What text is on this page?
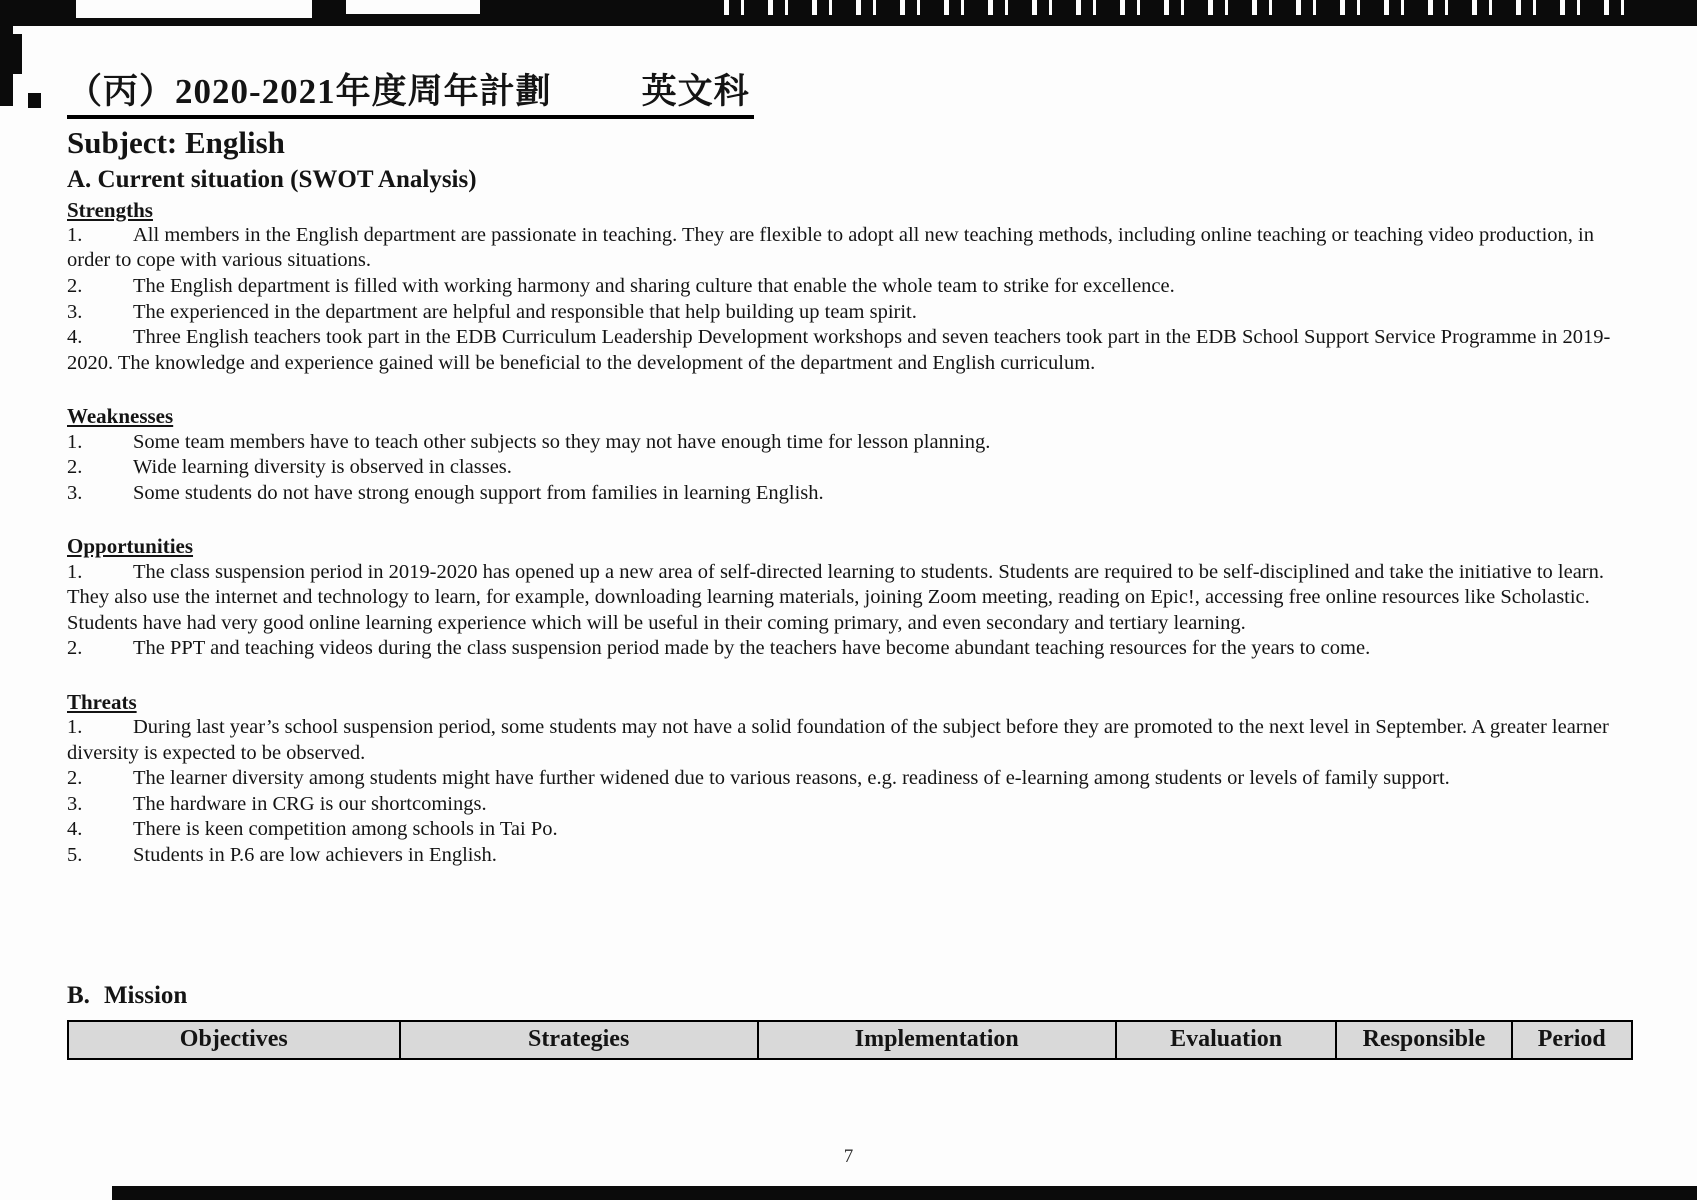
（丙）2020-2021年度周年計劃	英文科
Subject: English
A. Current situation (SWOT Analysis)
Strengths

1. All members in the English department are passionate in teaching. They are flexible to adopt all new teaching methods, including online teaching or teaching video production, in order to cope with various situations.

2. The English department is filled with working harmony and sharing culture that enable the whole team to strike for excellence.

3. The experienced in the department are helpful and responsible that help building up team spirit.

4. Three English teachers took part in the EDB Curriculum Leadership Development workshops and seven teachers took part in the EDB School Support Service Programme in 2019-2020. The knowledge and experience gained will be beneficial to the development of the department and English curriculum.

Weaknesses

1. Some team members have to teach other subjects so they may not have enough time for lesson planning.

2. Wide learning diversity is observed in classes.

3. Some students do not have strong enough support from families in learning English.

Opportunities

1. The class suspension period in 2019-2020 has opened up a new area of self-directed learning to students. Students are required to be self-disciplined and take the initiative to learn. They also use the internet and technology to learn, for example, downloading learning materials, joining Zoom meeting, reading on Epic!, accessing free online resources like Scholastic. Students have had very good online learning experience which will be useful in their coming primary, and even secondary and tertiary learning.

2. The PPT and teaching videos during the class suspension period made by the teachers have become abundant teaching resources for the years to come.

Threats

1. During last year’s school suspension period, some students may not have a solid foundation of the subject before they are promoted to the next level in September. A greater learner diversity is expected to be observed.

2. The learner diversity among students might have further widened due to various reasons, e.g. readiness of e-learning among students or levels of family support.

3. The hardware in CRG is our shortcomings.

4. There is keen competition among schools in Tai Po.

5. Students in P.6 are low achievers in English.

B. Mission
Objectives	Strategies	Implementation	Evaluation	Responsible	Period
7
